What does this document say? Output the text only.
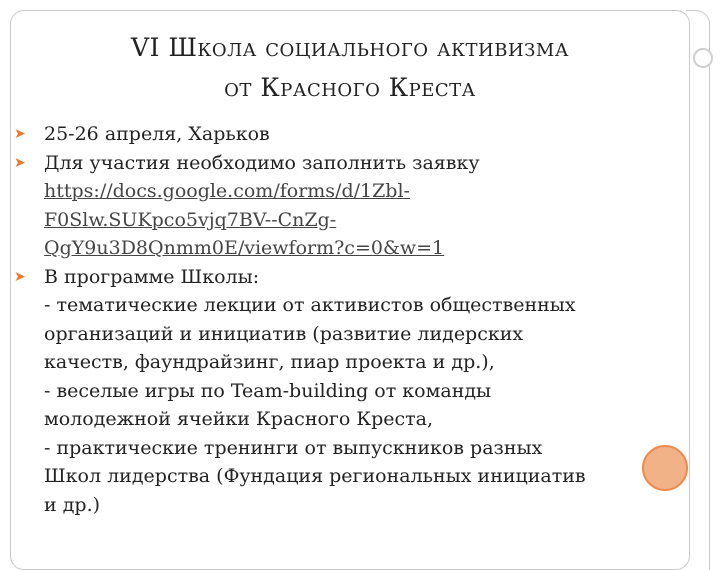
VI Школа социального активизма
от Красного Креста
➤ 25-26 апреля, Харьков
➤ Для участия необходимо заполнить заявку
https://docs.google.com/forms/d/1Zbl-
F0Slw.SUKpco5vjq7BV--CnZg-
QgY9u3D8Qnmm0E/viewform?c=0&w=1
➤ В программе Школы:
- тематические лекции от активистов общественных
организаций и инициатив (развитие лидерских
качеств, фаундрайзинг, пиар проекта и др.),
- веселые игры по Team-building от команды
молодежной ячейки Красного Креста,
- практические тренинги от выпускников разных
Школ лидерства (Фундация региональных инициатив
и др.)
